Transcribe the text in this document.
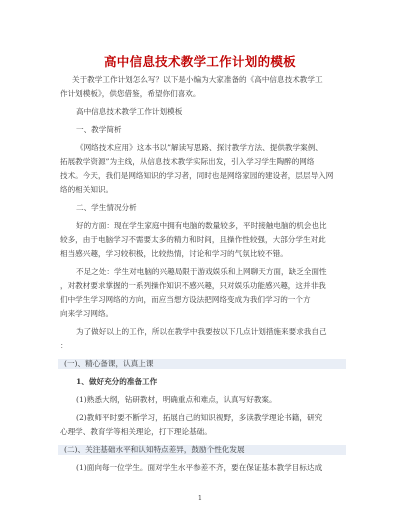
高中信息技术教学工作计划的模板
关于教学工作计划怎么写？以下是小编为大家准备的《高中信息技术教学工
作计划模板》，供您借鉴，希望你们喜欢。
高中信息技术教学工作计划模板
一、教学简析
《网络技术应用》这本书以”解读写思路、探讨教学方法、提供教学案例、
拓展教学资源”为主线，从信息技术教学实际出发，引入学习学生陶醉的网络
技术。今天，我们是网络知识的学习者，同时也是网络家园的建设者，层层导入网
络的相关知识。
二、学生情况分析
好的方面：现在学生家庭中拥有电脑的数量较多，平时接触电脑的机会也比
较多，由于电脑学习不需要太多的精力和时间，且操作性较强，大部分学生对此
相当感兴趣，学习较积极，比较热情，讨论和学习的气氛比较不错。
不足之处：学生对电脑的兴趣局限于游戏娱乐和上网聊天方面，缺乏全面性
，对教材要求掌握的一系列操作知识不感兴趣，只对娱乐功能感兴趣，这并非我
们中学生学习网络的方向，而应当想方设法把网络变成为我们学习的一个方
向来学习网络。
为了做好以上的工作，所以在教学中我要按以下几点计划措施来要求我自己
：
(一)、精心备课，认真上课
1、做好充分的准备工作
(1)熟悉大纲，钻研教材，明确重点和难点，认真写好教案。
(2)教师平时要不断学习，拓展自己的知识视野，多读教学理论书籍，研究
心理学、教育学等相关理论，打下理论基础。
(二)、关注基础水平和认知特点差异，鼓励个性化发展
(1)面向每一位学生。面对学生水平参差不齐，要在保证基本教学目标达成
1
